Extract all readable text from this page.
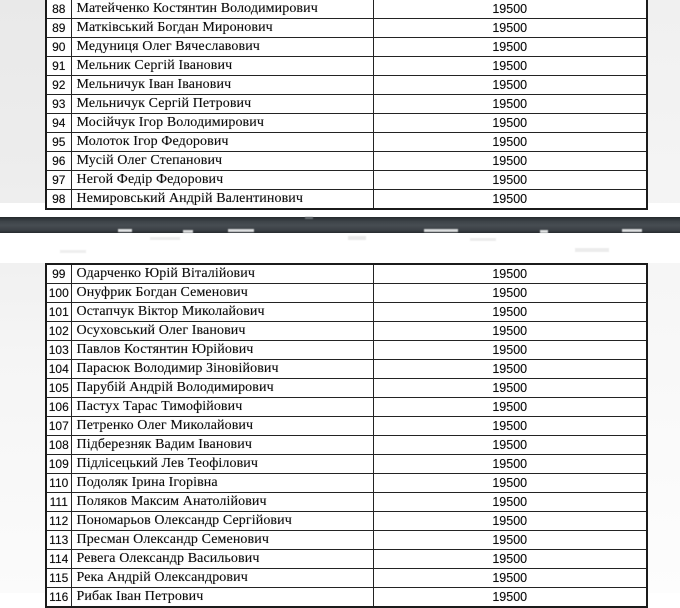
88	Матейченко Костянтин Володимирович	19500
89	Матківський Богдан Миронович	19500
90	Медуниця Олег Вячеславович	19500
91	Мельник Сергій Іванович	19500
92	Мельничук Іван Іванович	19500
93	Мельничук Сергій Петрович	19500
94	Мосійчук Ігор Володимирович	19500
95	Молоток Ігор Федорович	19500
96	Мусій Олег Степанович	19500
97	Негой Федір Федорович	19500
98	Немировський Андрій Валентинович	19500
99	Одарченко Юрій Віталійович	19500
100	Онуфрик Богдан Семенович	19500
101	Остапчук Віктор Миколайович	19500
102	Осуховський Олег Іванович	19500
103	Павлов Костянтин Юрійович	19500
104	Парасюк Володимир Зіновійович	19500
105	Парубій Андрій Володимирович	19500
106	Пастух Тарас Тимофійович	19500
107	Петренко Олег Миколайович	19500
108	Підберезняк Вадим Іванович	19500
109	Підлісецький Лев Теофілович	19500
110	Подоляк Ірина Ігорівна	19500
111	Поляков Максим Анатолійович	19500
112	Пономарьов Олександр Сергійович	19500
113	Пресман Олександр Семенович	19500
114	Ревега Олександр Васильович	19500
115	Река Андрій Олександрович	19500
116	Рибак Іван Петрович	19500
